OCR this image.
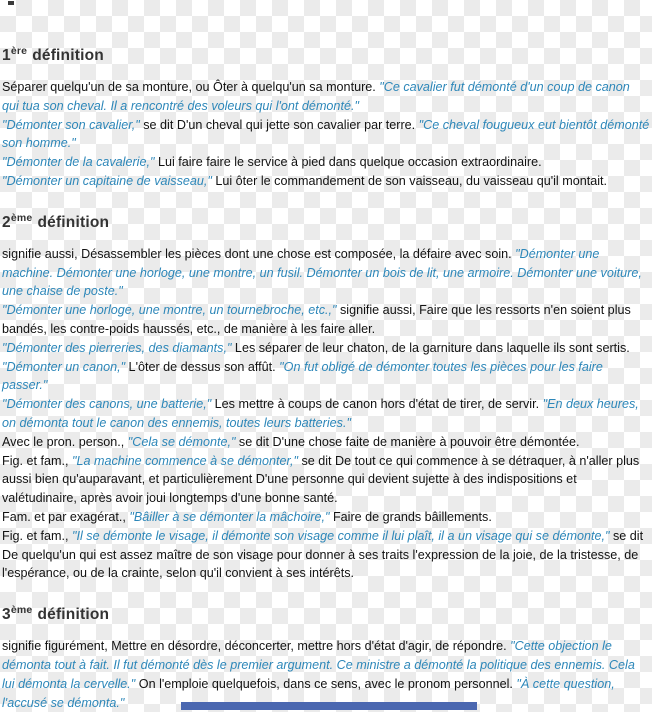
1ère définition

Séparer quelqu'un de sa monture, ou Ôter à quelqu'un sa monture. "Ce cavalier fut démonté d'un coup de canon qui tua son cheval. Il a rencontré des voleurs qui l'ont démonté."

"Démonter son cavalier," se dit D'un cheval qui jette son cavalier par terre. "Ce cheval fougueux eut bientôt démonté son homme."

"Démonter de la cavalerie," Lui faire faire le service à pied dans quelque occasion extraordinaire.

"Démonter un capitaine de vaisseau," Lui ôter le commandement de son vaisseau, du vaisseau qu'il montait.

2ème définition

signifie aussi, Désassembler les pièces dont une chose est composée, la défaire avec soin. "Démonter une machine. Démonter une horloge, une montre, un fusil. Démonter un bois de lit, une armoire. Démonter une voiture, une chaise de poste."

"Démonter une horloge, une montre, un tournebroche, etc.," signifie aussi, Faire que les ressorts n'en soient plus bandés, les contre-poids haussés, etc., de manière à les faire aller.

"Démonter des pierreries, des diamants," Les séparer de leur chaton, de la garniture dans laquelle ils sont sertis.

"Démonter un canon," L'ôter de dessus son affût. "On fut obligé de démonter toutes les pièces pour les faire passer."

"Démonter des canons, une batterie," Les mettre à coups de canon hors d'état de tirer, de servir. "En deux heures, on démonta tout le canon des ennemis, toutes leurs batteries."

Avec le pron. person., "Cela se démonte," se dit D'une chose faite de manière à pouvoir être démontée.

Fig. et fam., "La machine commence à se démonter," se dit De tout ce qui commence à se détraquer, à n'aller plus aussi bien qu'auparavant, et particulièrement D'une personne qui devient sujette à des indispositions et valétudinaire, après avoir joui longtemps d'une bonne santé.

Fam. et par exagérat., "Bâiller à se démonter la mâchoire," Faire de grands bâillements.

Fig. et fam., "Il se démonte le visage, il démonte son visage comme il lui plaît, il a un visage qui se démonte," se dit De quelqu'un qui est assez maître de son visage pour donner à ses traits l'expression de la joie, de la tristesse, de l'espérance, ou de la crainte, selon qu'il convient à ses intérêts.

3ème définition

signifie figurément, Mettre en désordre, déconcerter, mettre hors d'état d'agir, de répondre. "Cette objection le démonta tout à fait. Il fut démonté dès le premier argument. Ce ministre a démonté la politique des ennemis. Cela lui démonta la cervelle." On l'emploie quelquefois, dans ce sens, avec le pronom personnel. "À cette question, l'accusé se démonta."
